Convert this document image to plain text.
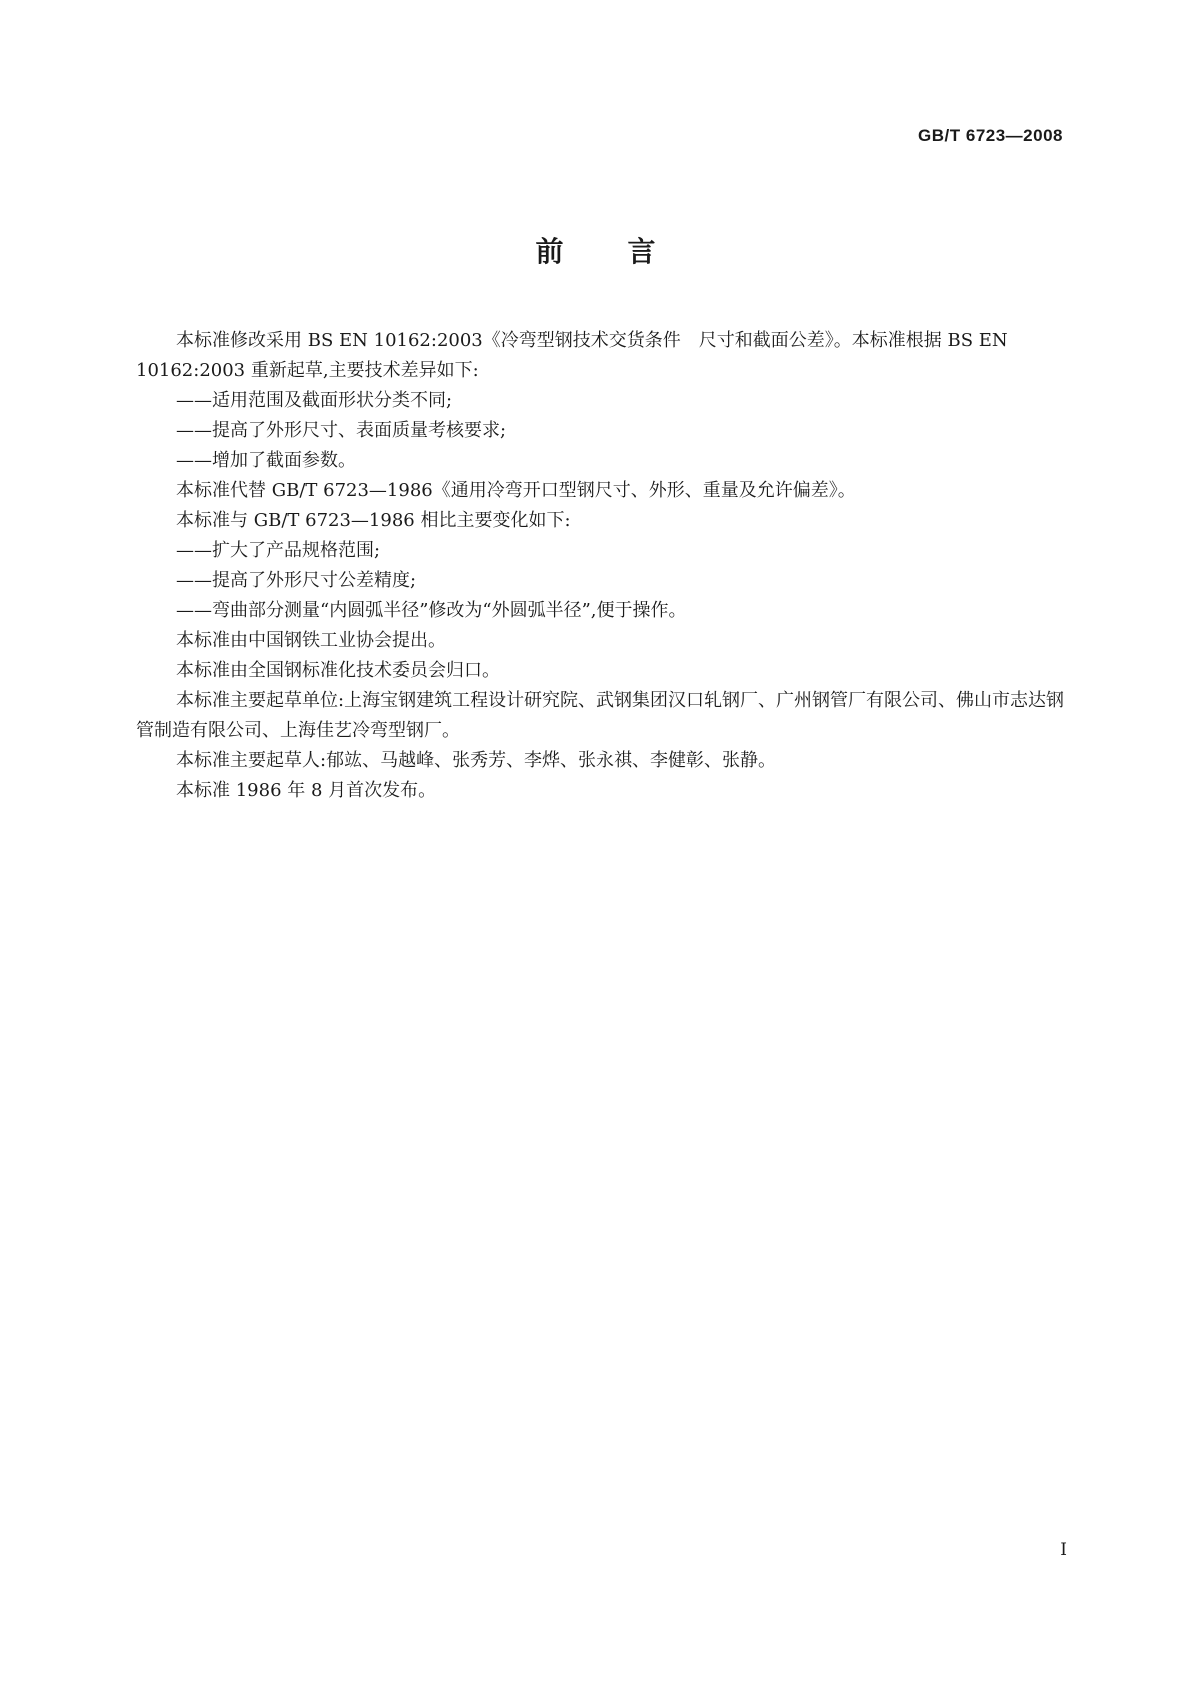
GB/T 6723—2008
前言

本标准修改采用 BS EN 10162:2003《冷弯型钢技术交货条件　尺寸和截面公差》。本标准根据 BS EN 10162:2003 重新起草,主要技术差异如下:

——适用范围及截面形状分类不同;

——提高了外形尺寸、表面质量考核要求;

——增加了截面参数。

本标准代替 GB/T 6723—1986《通用冷弯开口型钢尺寸、外形、重量及允许偏差》。

本标准与 GB/T 6723—1986 相比主要变化如下:

——扩大了产品规格范围;

——提高了外形尺寸公差精度;

——弯曲部分测量“内圆弧半径”修改为“外圆弧半径”,便于操作。

本标准由中国钢铁工业协会提出。

本标准由全国钢标准化技术委员会归口。

本标准主要起草单位:上海宝钢建筑工程设计研究院、武钢集团汉口轧钢厂、广州钢管厂有限公司、佛山市志达钢管制造有限公司、上海佳艺冷弯型钢厂。

本标准主要起草人:郁竑、马越峰、张秀芳、李烨、张永祺、李健彰、张静。

本标准 1986 年 8 月首次发布。

I
